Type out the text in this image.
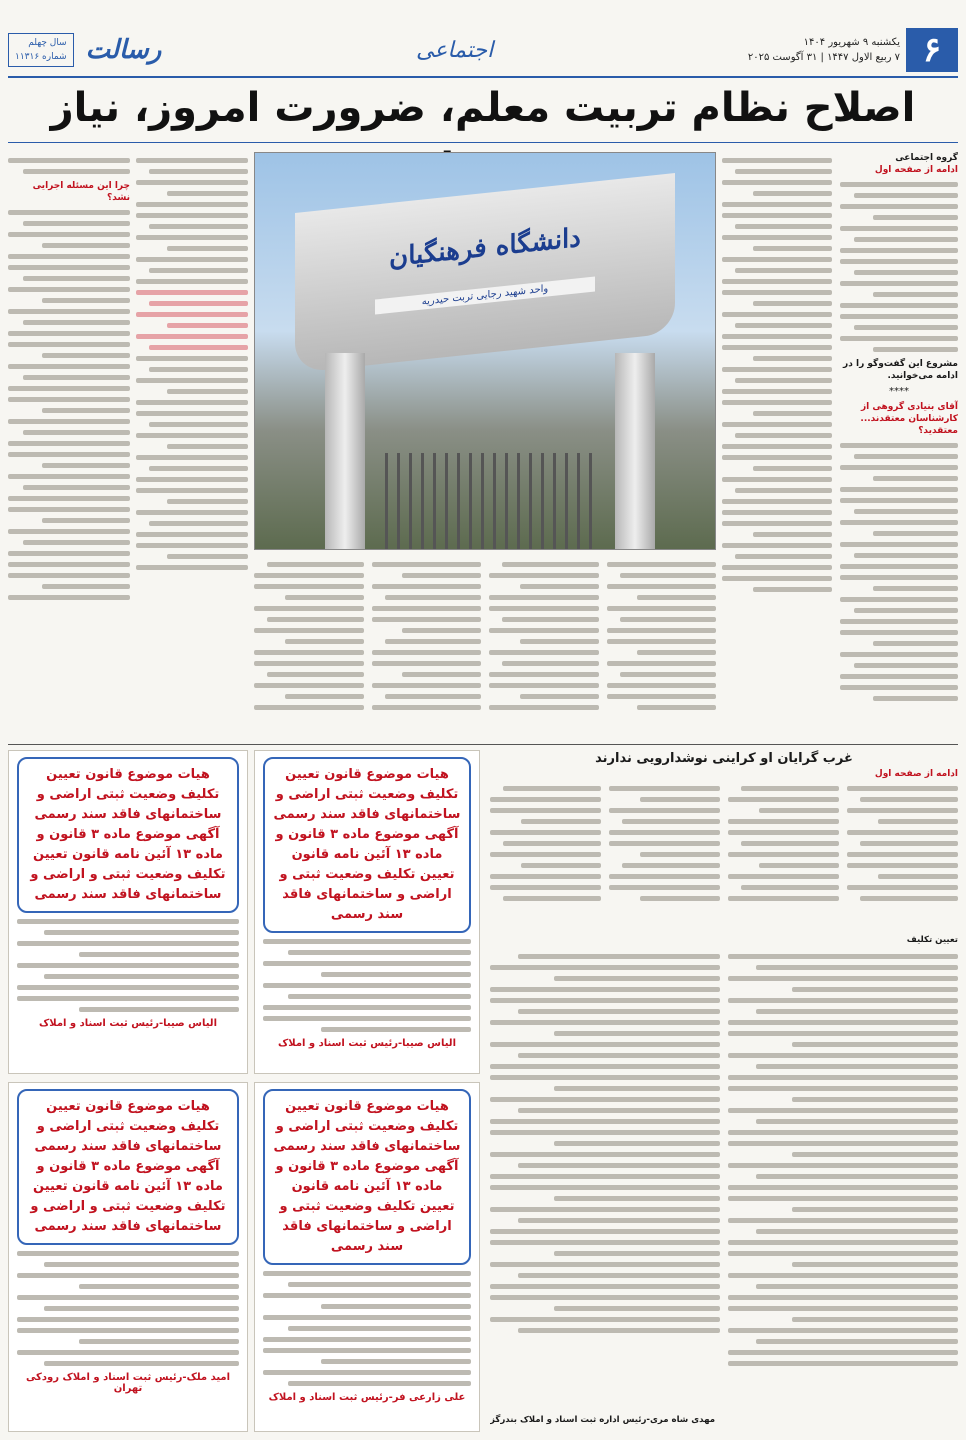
۶
یکشنبه ۹ شهریور ۱۴۰۴
۷ ربیع الاول ۱۴۴۷ | ۳۱ آگوست ۲۰۲۵
اجتماعی
رسالت
سال چهلم
شماره ۱۱۳۱۶
اصلاح نظام تربیت معلم، ضرورت امروز، نیاز
گروه اجتماعی
ادامه از صفحه اول
مشروع این گفت‌وگو را در ادامه می‌خوانید.
****
آقای بنیادی گروهی از کارشناسان معتقدند...
معتقدید؟
دانشگاه فرهنگیان
واحد شهید رجایی تربت حیدریه
چرا این مسئله اجرایی نشد؟
غرب گرایان او کراینی نوشدارویی ندارند
ادامه از صفحه اول
تعیین تکلیف
مهدی شاه مری-رئیس اداره ثبت اسناد و املاک بندرگز
هیات موضوع قانون تعیین تکلیف وضعیت ثبتی اراضی و ساختمانهای فاقد سند رسمی آگهی موضوع ماده ۳ قانون و ماده ۱۳ آئین نامه قانون تعیین تکلیف وضعیت ثبتی و اراضی و ساختمانهای فاقد سند رسمی
الیاس صیبا-رئیس ثبت اسناد و املاک
هیات موضوع قانون تعیین تکلیف وضعیت ثبتی اراضی و ساختمانهای فاقد سند رسمی آگهی موضوع ماده ۳ قانون و ماده ۱۳ آئین نامه قانون تعیین تکلیف وضعیت ثبتی و اراضی و ساختمانهای فاقد سند رسمی
الیاس صیبا-رئیس ثبت اسناد و املاک
هیات موضوع قانون تعیین تکلیف وضعیت ثبتی اراضی و ساختمانهای فاقد سند رسمی آگهی موضوع ماده ۳ قانون و ماده ۱۳ آئین نامه قانون تعیین تکلیف وضعیت ثبتی و اراضی و ساختمانهای فاقد سند رسمی
علی زارعی فر-رئیس ثبت اسناد و املاک
هیات موضوع قانون تعیین تکلیف وضعیت ثبتی اراضی و ساختمانهای فاقد سند رسمی آگهی موضوع ماده ۳ قانون و ماده ۱۳ آئین نامه قانون تعیین تکلیف وضعیت ثبتی و اراضی و ساختمانهای فاقد سند رسمی
امید ملک-رئیس ثبت اسناد و املاک رودکی تهران
